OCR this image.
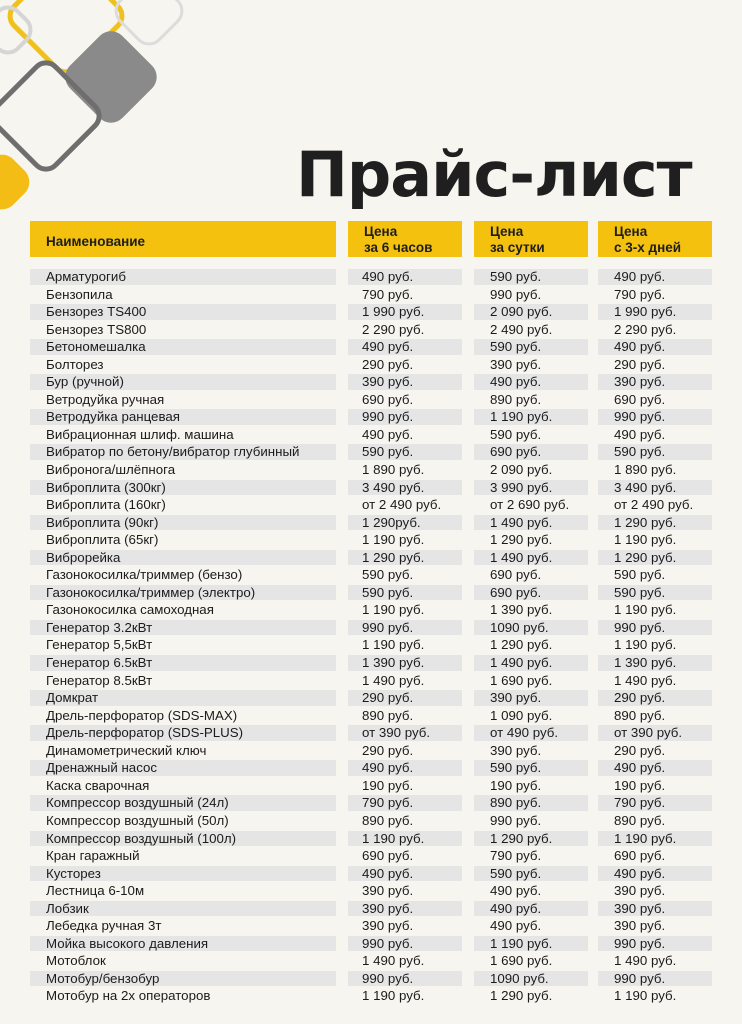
Прайс-лист
Наименование
Цена
за 6 часов
Цена
за сутки
Цена
с 3-х дней
Арматурогиб	490 руб.	590 руб.	490 руб.
Бензопила	790 руб.	990 руб.	790 руб.
Бензорез TS400	1 990 руб.	2 090 руб.	1 990 руб.
Бензорез TS800	2 290 руб.	2 490 руб.	2 290 руб.
Бетономешалка	490 руб.	590 руб.	490 руб.
Болторез	290 руб.	390 руб.	290 руб.
Бур (ручной)	390 руб.	490 руб.	390 руб.
Ветродуйка ручная	690 руб.	890 руб.	690 руб.
Ветродуйка ранцевая	990 руб.	1 190 руб.	990 руб.
Вибрационная шлиф. машина	490 руб.	590 руб.	490 руб.
Вибратор по бетону/вибратор глубинный	590 руб.	690 руб.	590 руб.
Виброногa/шлёпнога	1 890 руб.	2 090 руб.	1 890 руб.
Виброплита (300кг)	3 490 руб.	3 990 руб.	3 490 руб.
Виброплита (160кг)	от 2 490 руб.	от 2 690 руб.	от 2 490 руб.
Виброплита (90кг)	1 290руб.	1 490 руб.	1 290 руб.
Виброплита (65кг)	1 190 руб.	1 290 руб.	1 190 руб.
Виброрейка	1 290 руб.	1 490 руб.	1 290 руб.
Газонокосилка/триммер (бензо)	590 руб.	690 руб.	590 руб.
Газонокосилка/триммер (электро)	590 руб.	690 руб.	590 руб.
Газонокосилка самоходная	1 190 руб.	1 390 руб.	1 190 руб.
Генератор 3.2кВт	990 руб.	1090 руб.	990 руб.
Генератор 5,5кВт	1 190 руб.	1 290 руб.	1 190 руб.
Генератор 6.5кВт	1 390 руб.	1 490 руб.	1 390 руб.
Генератор 8.5кВт	1 490 руб.	1 690 руб.	1 490 руб.
Домкрат	290 руб.	390 руб.	290 руб.
Дрель-перфоратор (SDS-MAX)	890 руб.	1 090 руб.	890 руб.
Дрель-перфоратор (SDS-PLUS)	от 390 руб.	от 490 руб.	от 390 руб.
Динамометрический ключ	290 руб.	390 руб.	290 руб.
Дренажный насос	490 руб.	590 руб.	490 руб.
Каска сварочная	190 руб.	190 руб.	190 руб.
Компрессор воздушный (24л)	790 руб.	890 руб.	790 руб.
Компрессор воздушный (50л)	890 руб.	990 руб.	890 руб.
Компрессор воздушный (100л)	1 190 руб.	1 290 руб.	1 190 руб.
Кран гаражный	690 руб.	790 руб.	690 руб.
Кусторез	490 руб.	590 руб.	490 руб.
Лестница 6-10м	390 руб.	490 руб.	390 руб.
Лобзик	390 руб.	490 руб.	390 руб.
Лебедка ручная 3т	390 руб.	490 руб.	390 руб.
Мойка высокого давления	990 руб.	1 190 руб.	990 руб.
Мотоблок	1 490 руб.	1 690 руб.	1 490 руб.
Мотобур/бензобур	990 руб.	1090 руб.	990 руб.
Мотобур на 2х операторов	1 190 руб.	1 290 руб.	1 190 руб.
